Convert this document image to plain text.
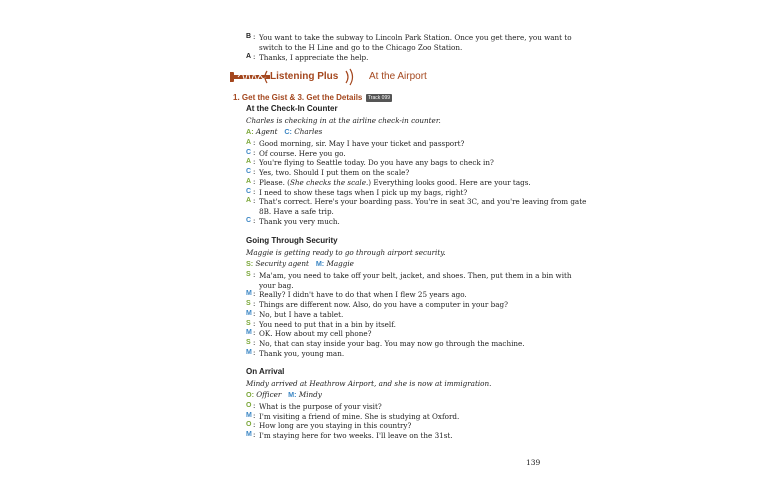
B : You want to take the subway to Lincoln Park Station. Once you get there, you want to
switch to the H Line and go to the Chicago Zoo Station.
A : Thanks, I appreciate the help.
Listening Plus	At the Airport
1. Get the Gist & 3. Get the Details	Track 099
At the Check-In Counter
Charles is checking in at the airline check-in counter.
A: Agent C: Charles
A : Good morning, sir. May I have your ticket and passport?
C : Of course. Here you go.
A : You're flying to Seattle today. Do you have any bags to check in?
C : Yes, two. Should I put them on the scale?
A : Please. (She checks the scale.) Everything looks good. Here are your tags.
C : I need to show these tags when I pick up my bags, right?
A : That's correct. Here's your boarding pass. You're in seat 3C, and you're leaving from gate
8B. Have a safe trip.
C : Thank you very much.
Going Through Security
Maggie is getting ready to go through airport security.
S: Security agent M: Maggie
S : Ma'am, you need to take off your belt, jacket, and shoes. Then, put them in a bin with
your bag.
M : Really? I didn't have to do that when I flew 25 years ago.
S : Things are different now. Also, do you have a computer in your bag?
M : No, but I have a tablet.
S : You need to put that in a bin by itself.
M : OK. How about my cell phone?
S : No, that can stay inside your bag. You may now go through the machine.
M : Thank you, young man.
On Arrival
Mindy arrived at Heathrow Airport, and she is now at immigration.
O: Officer M: Mindy
O : What is the purpose of your visit?
M : I'm visiting a friend of mine. She is studying at Oxford.
O : How long are you staying in this country?
M : I'm staying here for two weeks. I'll leave on the 31st.
139
